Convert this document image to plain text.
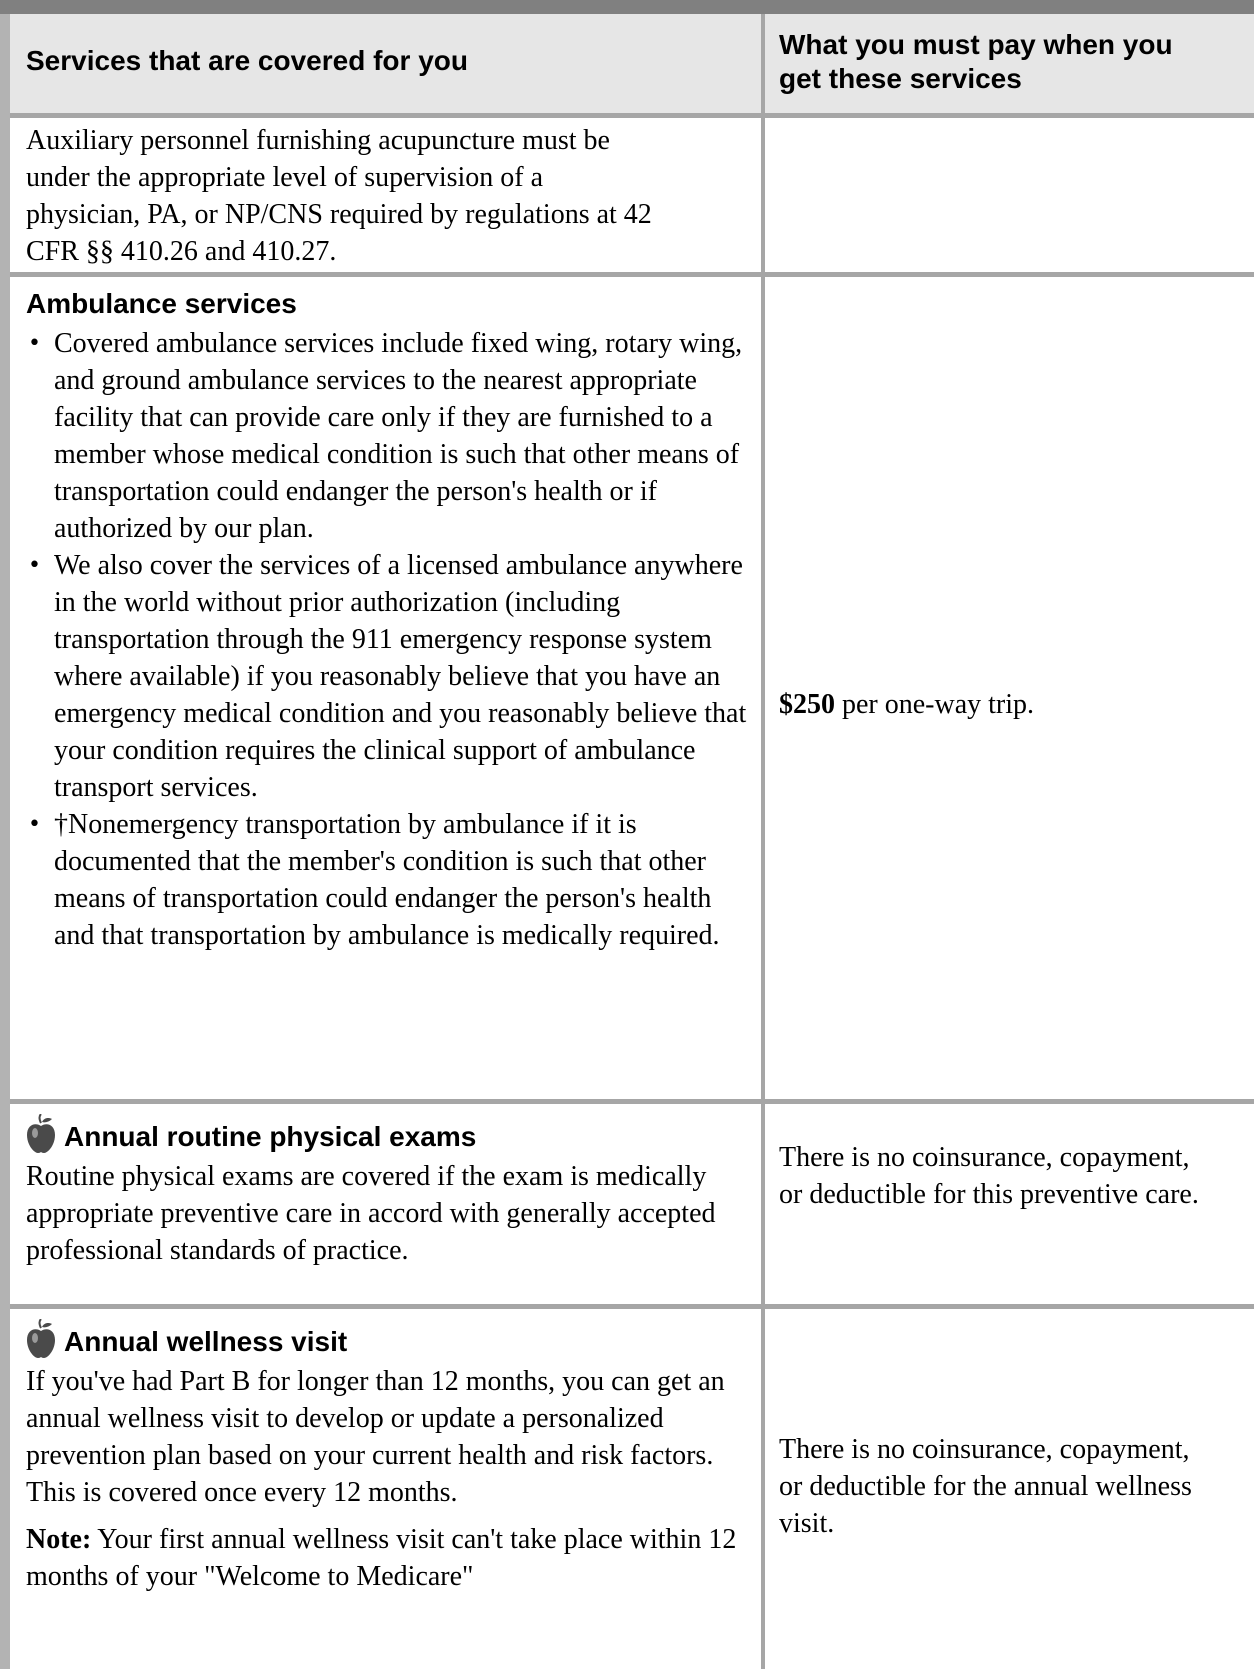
Services that are covered for you
What you must pay when you
get these services
Auxiliary personnel furnishing acupuncture must be
under the appropriate level of supervision of a
physician, PA, or NP/CNS required by regulations at 42
CFR §§ 410.26 and 410.27.
Ambulance services
• Covered ambulance services include fixed wing, rotary wing, and ground ambulance services to the nearest appropriate facility that can provide care only if they are furnished to a member whose medical condition is such that other means of transportation could endanger the person's health or if authorized by our plan.
• We also cover the services of a licensed ambulance anywhere in the world without prior authorization (including transportation through the 911 emergency response system where available) if you reasonably believe that you have an emergency medical condition and you reasonably believe that your condition requires the clinical support of ambulance transport services.
• †Nonemergency transportation by ambulance if it is documented that the member's condition is such that other means of transportation could endanger the person's health and that transportation by ambulance is medically required.
$250 per one-way trip.
Annual routine physical exams

Routine physical exams are covered if the exam is medically appropriate preventive care in accord with generally accepted professional standards of practice.

There is no coinsurance, copayment, or deductible for this preventive care.
Annual wellness visit

If you've had Part B for longer than 12 months, you can get an annual wellness visit to develop or update a personalized prevention plan based on your current health and risk factors. This is covered once every 12 months.

Note: Your first annual wellness visit can't take place within 12 months of your "Welcome to Medicare"

There is no coinsurance, copayment, or deductible for the annual wellness visit.
